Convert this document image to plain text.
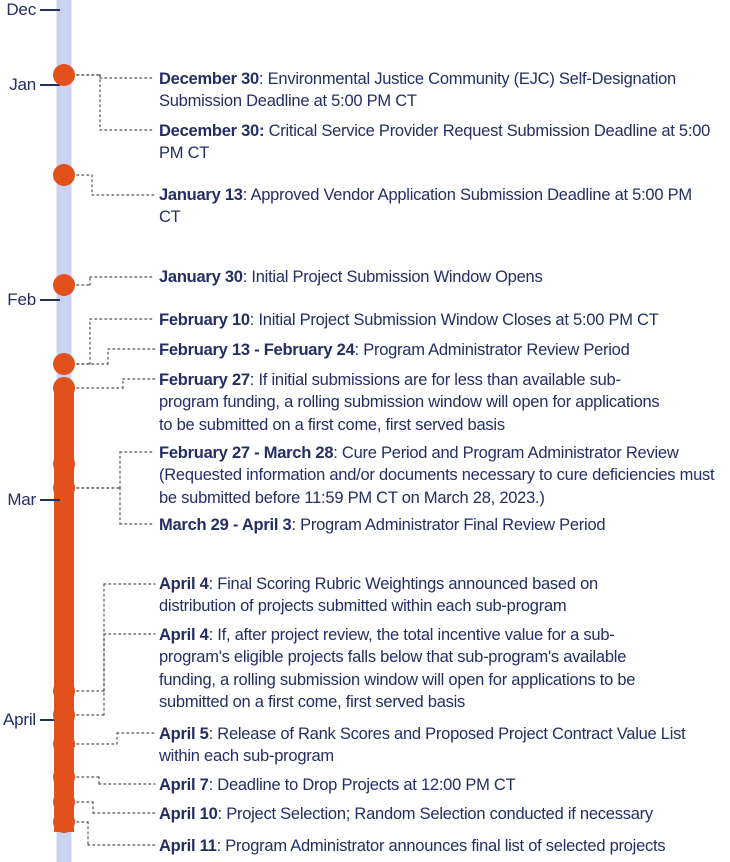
Dec
Jan
Feb
Mar
April
December 30: Environmental Justice Community (EJC) Self-Designation Submission Deadline at 5:00 PM CT
December 30: Critical Service Provider Request Submission Deadline at 5:00 PM CT
January 13: Approved Vendor Application Submission Deadline at 5:00 PM CT
January 30: Initial Project Submission Window Opens
February 10: Initial Project Submission Window Closes at 5:00 PM CT
February 13 - February 24: Program Administrator Review Period
February 27: If initial submissions are for less than available sub-program funding, a rolling submission window will open for applications to be submitted on a first come, first served basis
February 27 - March 28: Cure Period and Program Administrator Review (Requested information and/or documents necessary to cure deficiencies must be submitted before 11:59 PM CT on March 28, 2023.)
March 29 - April 3: Program Administrator Final Review Period
April 4: Final Scoring Rubric Weightings announced based on distribution of projects submitted within each sub-program
April 4: If, after project review, the total incentive value for a sub-program's eligible projects falls below that sub-program's available funding, a rolling submission window will open for applications to be submitted on a first come, first served basis
April 5: Release of Rank Scores and Proposed Project Contract Value List within each sub-program
April 7: Deadline to Drop Projects at 12:00 PM CT
April 10: Project Selection; Random Selection conducted if necessary
April 11: Program Administrator announces final list of selected projects
